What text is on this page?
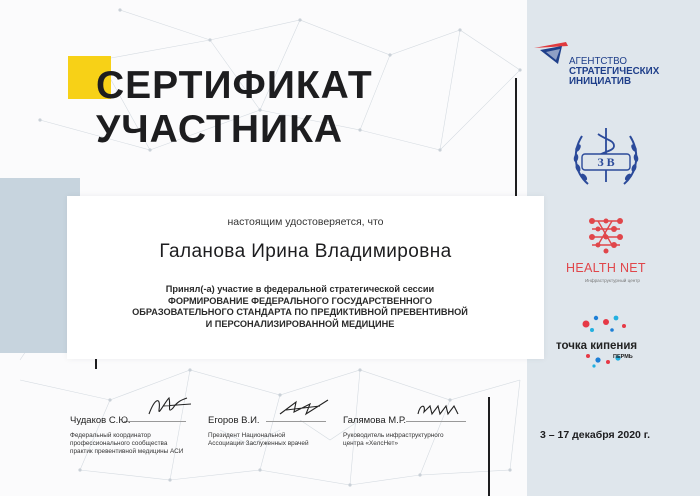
СЕРТИФИКАТ
УЧАСТНИКА
настоящим удостоверяется, что
Галанова Ирина Владимировна
Принял(-а) участие в федеральной стратегической сессии
ФОРМИРОВАНИЕ ФЕДЕРАЛЬНОГО ГОСУДАРСТВЕННОГО
ОБРАЗОВАТЕЛЬНОГО СТАНДАРТА ПО ПРЕДИКТИВНОЙ ПРЕВЕНТИВНОЙ
И ПЕРСОНАЛИЗИРОВАННОЙ МЕДИЦИНЕ
Чудаков С.Ю.
Федеральный координатор
профессионального сообщества
практик превентивной медицины АСИ
Егоров В.И.
Президент Национальной
Ассоциации Заслуженных врачей
Галямова М.Р.
Руководитель инфраструктурного
центра «ХелсНет»
3 – 17 декабря 2020 г.
АГЕНТСТВО
СТРАТЕГИЧЕСКИХ
ИНИЦИАТИВ
З В
HEALTH NET
Инфраструктурный центр
точка кипения
ПЕРМЬ
